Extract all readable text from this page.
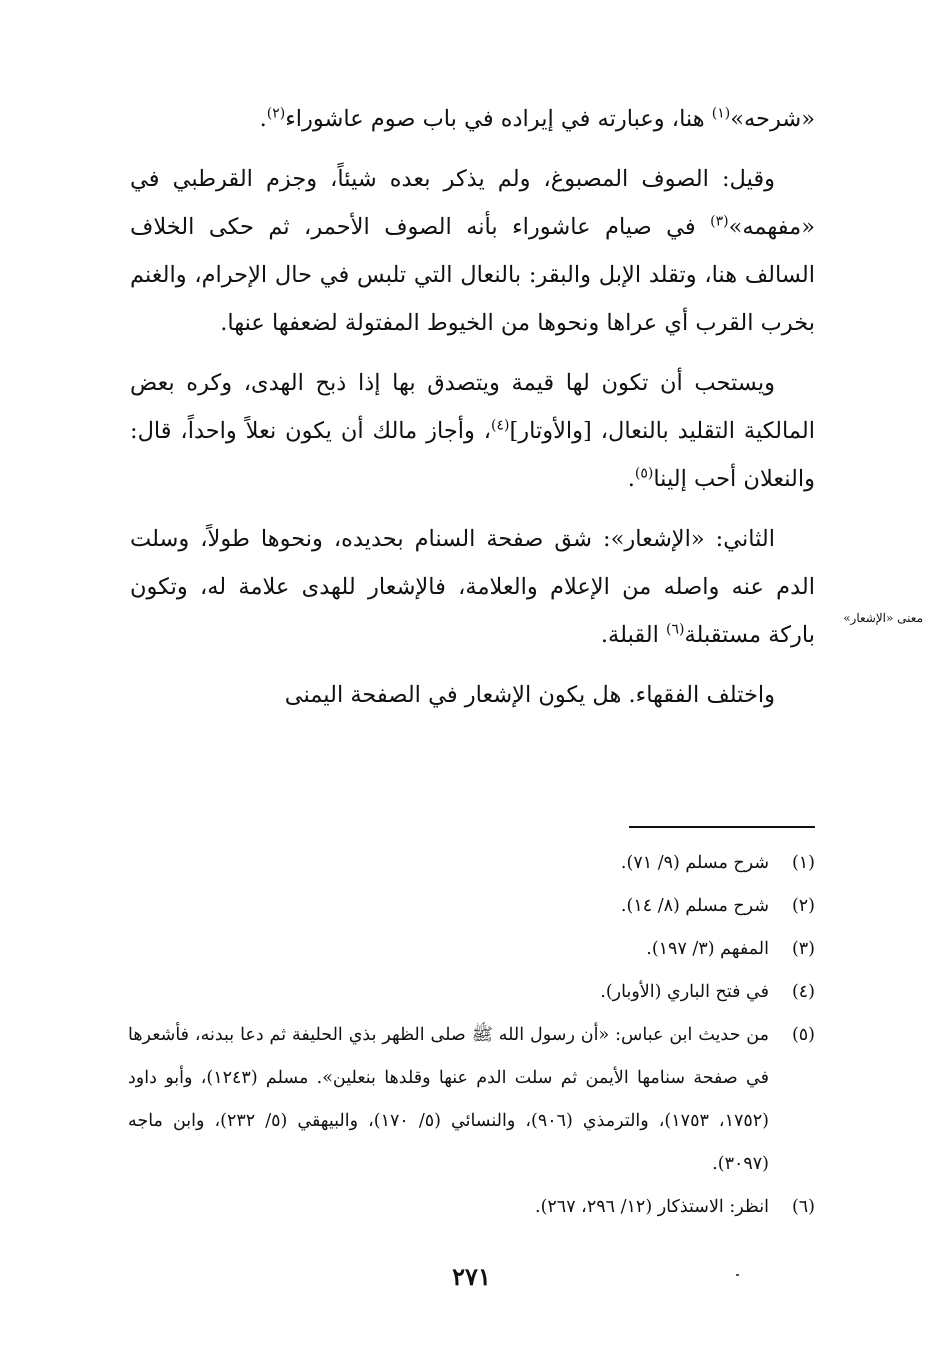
«شرحه»$^{(١)}$ هنا، وعبارته في إيراده في باب صوم عاشوراء$^{(٢)}$.

وقيل: الصوف المصبوغ، ولم يذكر بعده شيئاً، وجزم القرطبي في «مفهمه»$^{(٣)}$ في صيام عاشوراء بأنه الصوف الأحمر، ثم حكى الخلاف السالف هنا، وتقلد الإبل والبقر: بالنعال التي تلبس في حال الإحرام، والغنم بخرب القرب أي عراها ونحوها من الخيوط المفتولة لضعفها عنها.

ويستحب أن تكون لها قيمة ويتصدق بها إذا ذبح الهدى، وكره بعض المالكية التقليد بالنعال، [والأوتار]$^{(٤)}$، وأجاز مالك أن يكون نعلاً واحداً، قال: والنعلان أحب إلينا$^{(٥)}$.

الثاني: «الإشعار»: شق صفحة السنام بحديده، ونحوها طولاً، وسلت الدم عنه واصله من الإعلام والعلامة، فالإشعار للهدى علامة له، وتكون باركة مستقبلة$^{(٦)}$ القبلة.

واختلف الفقهاء. هل يكون الإشعار في الصفحة اليمنى

معنى «الإشعار»
(١)
شرح مسلم (٩/ ٧١).
(٢)
شرح مسلم (٨/ ١٤).
(٣)
المفهم (٣/ ١٩٧).
(٤)
في فتح الباري (الأوبار).
(٥)
من حديث ابن عباس: «أن رسول الله ﷺ صلى الظهر بذي الحليفة ثم دعا ببدنه، فأشعرها في صفحة سنامها الأيمن ثم سلت الدم عنها وقلدها بنعلين». مسلم (١٢٤٣)، وأبو داود (١٧٥٢، ١٧٥٣)، والترمذي (٩٠٦)، والنسائي (٥/ ١٧٠)، والبيهقي (٥/ ٢٣٢)، وابن ماجه (٣٠٩٧).
(٦)
انظر: الاستذكار (١٢/ ٢٩٦، ٢٦٧).
٢٧١
